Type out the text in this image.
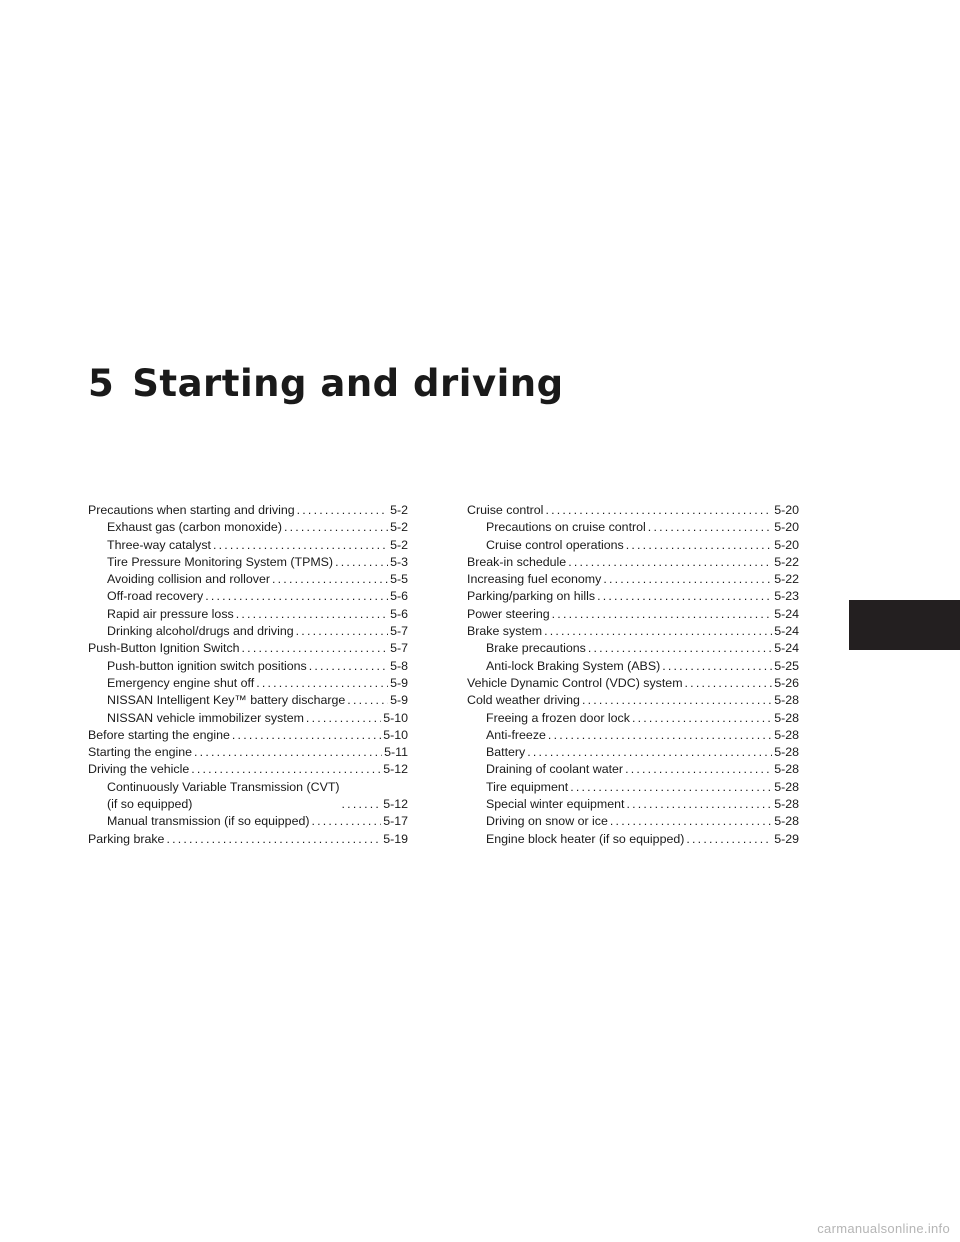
5 Starting and driving
Precautions when starting and driving .....	5-2
Exhaust gas (carbon monoxide) .....	5-2
Three-way catalyst .....	5-2
Tire Pressure Monitoring System (TPMS) .....	5-3
Avoiding collision and rollover .....	5-5
Off-road recovery .....	5-6
Rapid air pressure loss .....	5-6
Drinking alcohol/drugs and driving .....	5-7
Push-Button Ignition Switch .....	5-7
Push-button ignition switch positions .....	5-8
Emergency engine shut off .....	5-9
NISSAN Intelligent Key™ battery discharge .....	5-9
NISSAN vehicle immobilizer system .....	5-10
Before starting the engine .....	5-10
Starting the engine .....	5-11
Driving the vehicle .....	5-12
Continuously Variable Transmission (CVT)
(if so equipped) .....	5-12
Manual transmission (if so equipped) .....	5-17
Parking brake .....	5-19
Cruise control .....	5-20
Precautions on cruise control .....	5-20
Cruise control operations .....	5-20
Break-in schedule .....	5-22
Increasing fuel economy .....	5-22
Parking/parking on hills .....	5-23
Power steering .....	5-24
Brake system .....	5-24
Brake precautions .....	5-24
Anti-lock Braking System (ABS) .....	5-25
Vehicle Dynamic Control (VDC) system .....	5-26
Cold weather driving .....	5-28
Freeing a frozen door lock .....	5-28
Anti-freeze .....	5-28
Battery .....	5-28
Draining of coolant water .....	5-28
Tire equipment .....	5-28
Special winter equipment .....	5-28
Driving on snow or ice .....	5-28
Engine block heater (if so equipped) .....	5-29
carmanualsonline.info
